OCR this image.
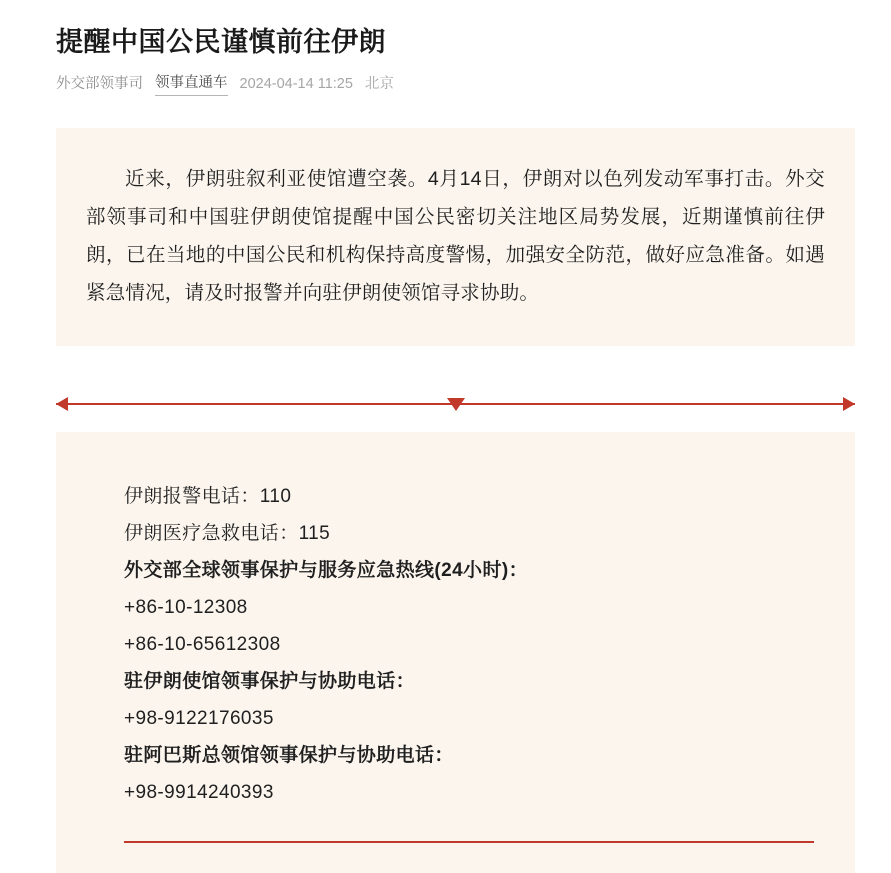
提醒中国公民谨慎前往伊朗
外交部领事司 领事直通车 2024-04-14 11:25 北京

近来，伊朗驻叙利亚使馆遭空袭。4月14日，伊朗对以色列发动军事打击。外交部领事司和中国驻伊朗使馆提醒中国公民密切关注地区局势发展，近期谨慎前往伊朗，已在当地的中国公民和机构保持高度警惕，加强安全防范，做好应急准备。如遇紧急情况，请及时报警并向驻伊朗使领馆寻求协助。

伊朗报警电话：110
伊朗医疗急救电话：115
外交部全球领事保护与服务应急热线(24小时)：
+86-10-12308
+86-10-65612308
驻伊朗使馆领事保护与协助电话：
+98-9122176035
驻阿巴斯总领馆领事保护与协助电话：
+98-9914240393
